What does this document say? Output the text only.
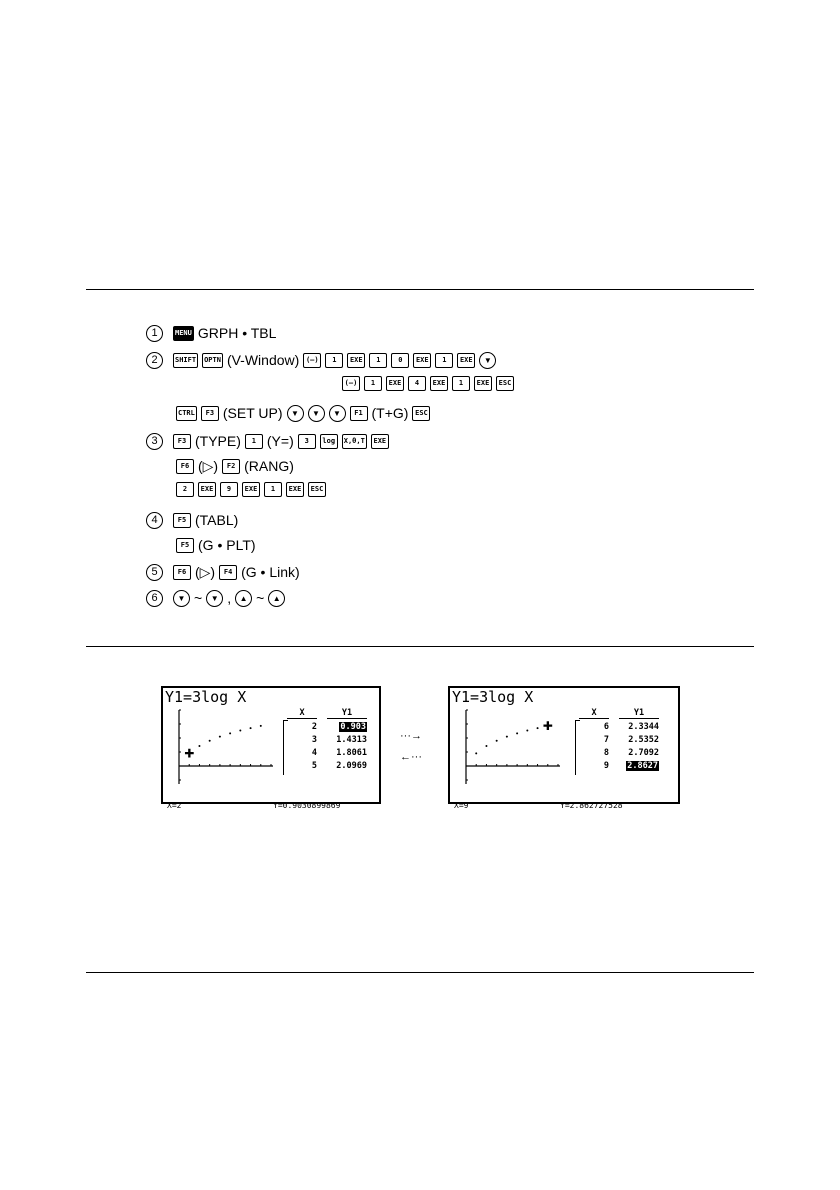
1	MENU GRPH • TBL
2	SHIFT OPTN (V-Window) (–)	1	EXE	1	0	EXE	1	EXE	▼
(–)	1	EXE	4	EXE	1	EXE	ESC
CTRL	F3 (SET UP)	▼	▼	▼	F1 (T+G) ESC
3	F3 (TYPE)	1 (Y=)	3	log	X,θ,T	EXE
F6 (▷)	F2 (RANG)
2	EXE	9	EXE	1	EXE	ESC
4	F5 (TABL)
F5 (G • PLT)
5	F6 (▷)	F4 (G • Link)
6	▼ ~	▼ ,	▲ ~	▲
Y1=3log X
✚
X=2	Y=0.9030899869
X	Y1
2	0.903
3	1.4313
4	1.8061
5	2.0969
···→
←···
Y1=3log X
✚
X=9	Y=2.862727528
X	Y1
6	2.3344
7	2.5352
8	2.7092
9	2.8627
